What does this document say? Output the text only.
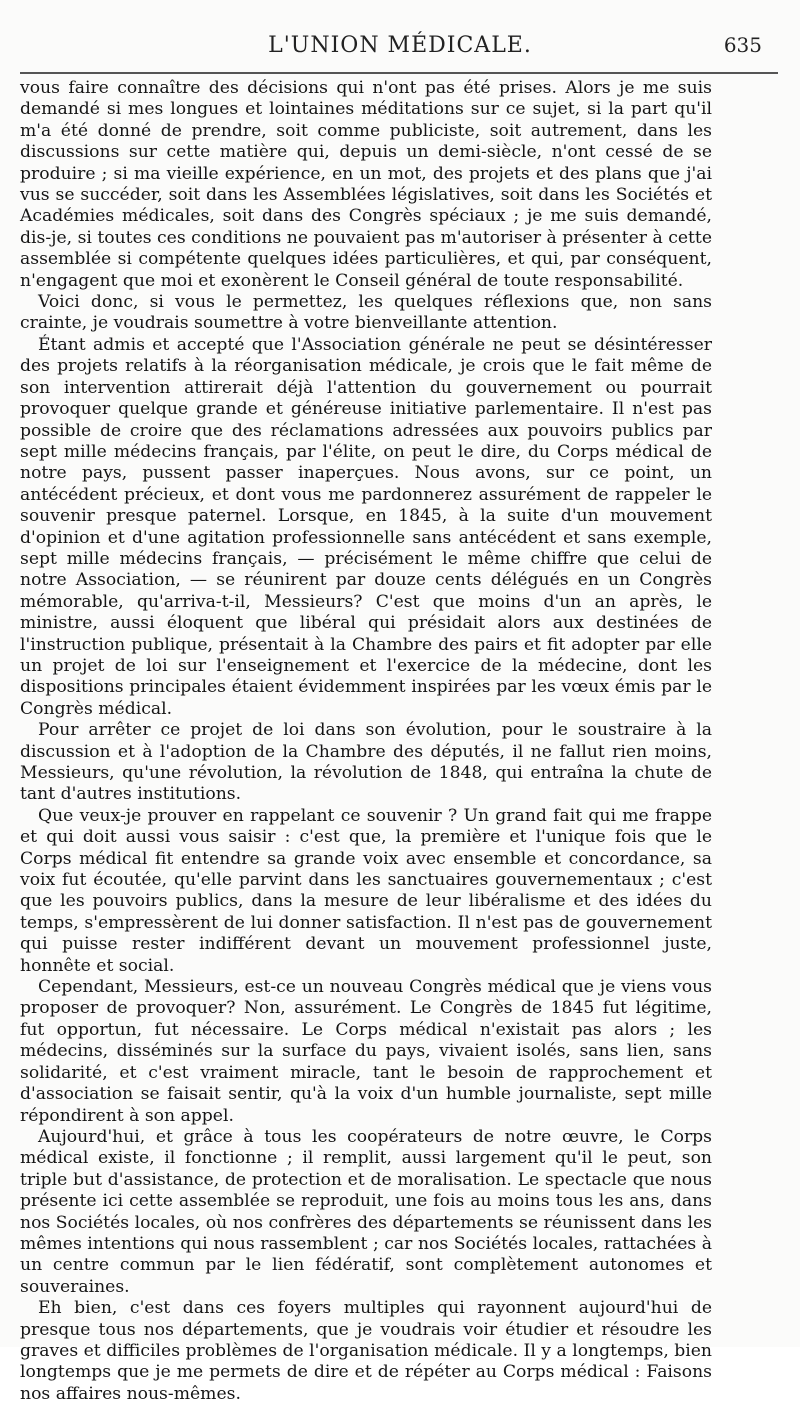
L'UNION MÉDICALE.	635

vous faire connaître des décisions qui n'ont pas été prises. Alors je me suis demandé si mes longues et lointaines méditations sur ce sujet, si la part qu'il m'a été donné de prendre, soit comme publiciste, soit autrement, dans les discussions sur cette matière qui, depuis un demi-siècle, n'ont cessé de se produire ; si ma vieille expérience, en un mot, des projets et des plans que j'ai vus se succéder, soit dans les Assemblées législatives, soit dans les Sociétés et Académies médicales, soit dans des Congrès spéciaux ; je me suis demandé, dis-je, si toutes ces conditions ne pouvaient pas m'autoriser à présenter à cette assemblée si compétente quelques idées particulières, et qui, par conséquent, n'engagent que moi et exonèrent le Conseil général de toute responsabilité.

Voici donc, si vous le permettez, les quelques réflexions que, non sans crainte, je voudrais soumettre à votre bienveillante attention.

Étant admis et accepté que l'Association générale ne peut se désintéresser des projets relatifs à la réorganisation médicale, je crois que le fait même de son intervention attirerait déjà l'attention du gouvernement ou pourrait provoquer quelque grande et généreuse initiative parlementaire. Il n'est pas possible de croire que des réclamations adressées aux pouvoirs publics par sept mille médecins français, par l'élite, on peut le dire, du Corps médical de notre pays, pussent passer inaperçues. Nous avons, sur ce point, un antécédent précieux, et dont vous me pardonnerez assurément de rappeler le souvenir presque paternel. Lorsque, en 1845, à la suite d'un mouvement d'opinion et d'une agitation professionnelle sans antécédent et sans exemple, sept mille médecins français, — précisément le même chiffre que celui de notre Association, — se réunirent par douze cents délégués en un Congrès mémorable, qu'arriva-t-il, Messieurs? C'est que moins d'un an après, le ministre, aussi éloquent que libéral qui présidait alors aux destinées de l'instruction publique, présentait à la Chambre des pairs et fit adopter par elle un projet de loi sur l'enseignement et l'exercice de la médecine, dont les dispositions principales étaient évidemment inspirées par les vœux émis par le Congrès médical.

Pour arrêter ce projet de loi dans son évolution, pour le soustraire à la discussion et à l'adoption de la Chambre des députés, il ne fallut rien moins, Messieurs, qu'une révolution, la révolution de 1848, qui entraîna la chute de tant d'autres institutions.

Que veux-je prouver en rappelant ce souvenir ? Un grand fait qui me frappe et qui doit aussi vous saisir : c'est que, la première et l'unique fois que le Corps médical fit entendre sa grande voix avec ensemble et concordance, sa voix fut écoutée, qu'elle parvint dans les sanctuaires gouvernementaux ; c'est que les pouvoirs publics, dans la mesure de leur libéralisme et des idées du temps, s'empressèrent de lui donner satisfaction. Il n'est pas de gouvernement qui puisse rester indifférent devant un mouvement professionnel juste, honnête et social.

Cependant, Messieurs, est-ce un nouveau Congrès médical que je viens vous proposer de provoquer? Non, assurément. Le Congrès de 1845 fut légitime, fut opportun, fut nécessaire. Le Corps médical n'existait pas alors ; les médecins, disséminés sur la surface du pays, vivaient isolés, sans lien, sans solidarité, et c'est vraiment miracle, tant le besoin de rapprochement et d'association se faisait sentir, qu'à la voix d'un humble journaliste, sept mille répondirent à son appel.

Aujourd'hui, et grâce à tous les coopérateurs de notre œuvre, le Corps médical existe, il fonctionne ; il remplit, aussi largement qu'il le peut, son triple but d'assistance, de protection et de moralisation. Le spectacle que nous présente ici cette assemblée se reproduit, une fois au moins tous les ans, dans nos Sociétés locales, où nos confrères des départements se réunissent dans les mêmes intentions qui nous rassemblent ; car nos Sociétés locales, rattachées à un centre commun par le lien fédératif, sont complètement autonomes et souveraines.

Eh bien, c'est dans ces foyers multiples qui rayonnent aujourd'hui de presque tous nos départements, que je voudrais voir étudier et résoudre les graves et difficiles problèmes de l'organisation médicale. Il y a longtemps, bien longtemps que je me permets de dire et de répéter au Corps médical : Faisons nos affaires nous-mêmes.
